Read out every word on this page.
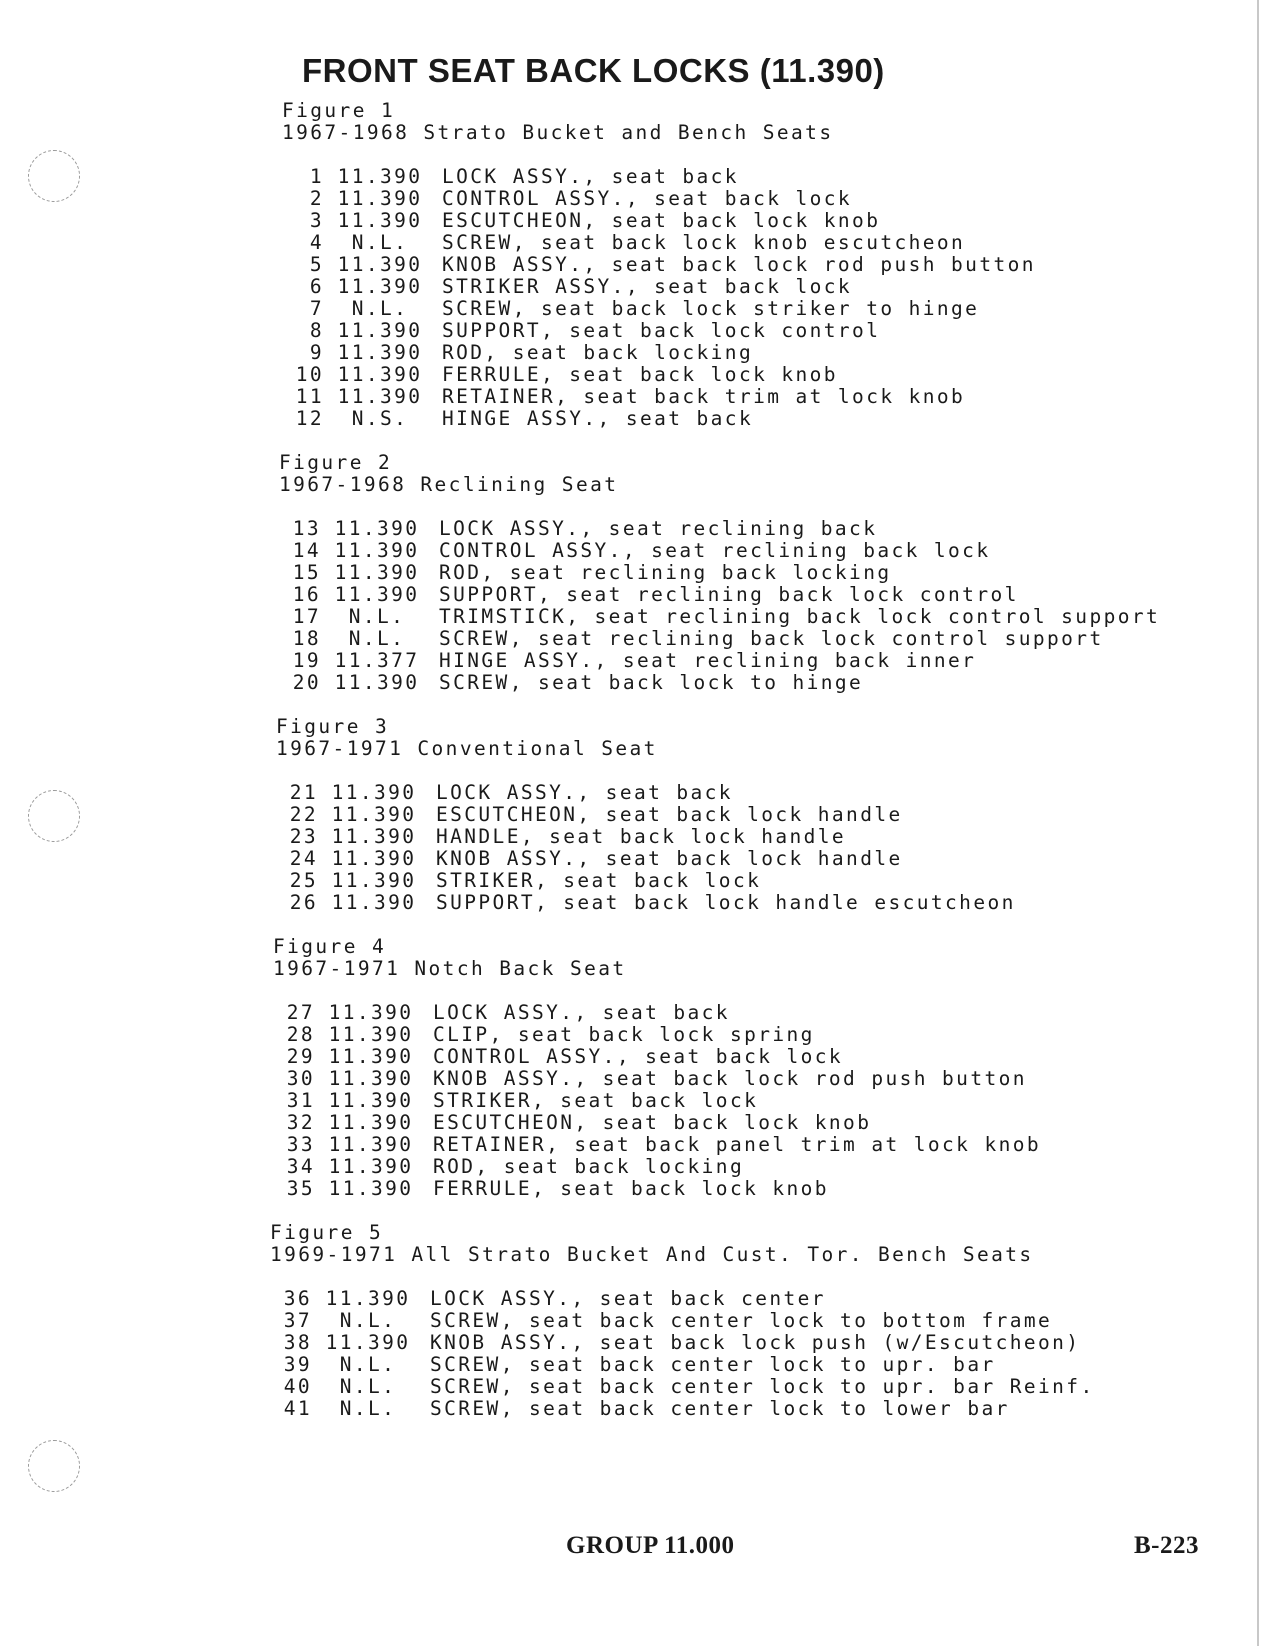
FRONT SEAT BACK LOCKS (11.390)
Figure 1
1967-1968 Strato Bucket and Bench Seats
1 11.390 LOCK ASSY., seat back
2 11.390 CONTROL ASSY., seat back lock
3 11.390 ESCUTCHEON, seat back lock knob
4	N.L.	SCREW, seat back lock knob escutcheon
5 11.390 KNOB ASSY., seat back lock rod push button
6 11.390 STRIKER ASSY., seat back lock
7	N.L.	SCREW, seat back lock striker to hinge
8 11.390 SUPPORT, seat back lock control
9 11.390 ROD, seat back locking
10 11.390 FERRULE, seat back lock knob
11 11.390 RETAINER, seat back trim at lock knob
12	N.S.	HINGE ASSY., seat back
Figure 2
1967-1968 Reclining Seat
13 11.390 LOCK ASSY., seat reclining back
14 11.390 CONTROL ASSY., seat reclining back lock
15 11.390 ROD, seat reclining back locking
16 11.390 SUPPORT, seat reclining back lock control
17	N.L.	TRIMSTICK, seat reclining back lock control support
18	N.L.	SCREW, seat reclining back lock control support
19 11.377 HINGE ASSY., seat reclining back inner
20 11.390 SCREW, seat back lock to hinge
Figure 3
1967-1971 Conventional Seat
21 11.390 LOCK ASSY., seat back
22 11.390 ESCUTCHEON, seat back lock handle
23 11.390 HANDLE, seat back lock handle
24 11.390 KNOB ASSY., seat back lock handle
25 11.390 STRIKER, seat back lock
26 11.390 SUPPORT, seat back lock handle escutcheon
Figure 4
1967-1971 Notch Back Seat
27 11.390 LOCK ASSY., seat back
28 11.390 CLIP, seat back lock spring
29 11.390 CONTROL ASSY., seat back lock
30 11.390 KNOB ASSY., seat back lock rod push button
31 11.390 STRIKER, seat back lock
32 11.390 ESCUTCHEON, seat back lock knob
33 11.390 RETAINER, seat back panel trim at lock knob
34 11.390 ROD, seat back locking
35 11.390 FERRULE, seat back lock knob
Figure 5
1969-1971 All Strato Bucket And Cust. Tor. Bench Seats
36 11.390 LOCK ASSY., seat back center
37	N.L.	SCREW, seat back center lock to bottom frame
38 11.390 KNOB ASSY., seat back lock push (w/Escutcheon)
39	N.L.	SCREW, seat back center lock to upr. bar
40	N.L.	SCREW, seat back center lock to upr. bar Reinf.
41	N.L.	SCREW, seat back center lock to lower bar
GROUP 11.000	B-223
